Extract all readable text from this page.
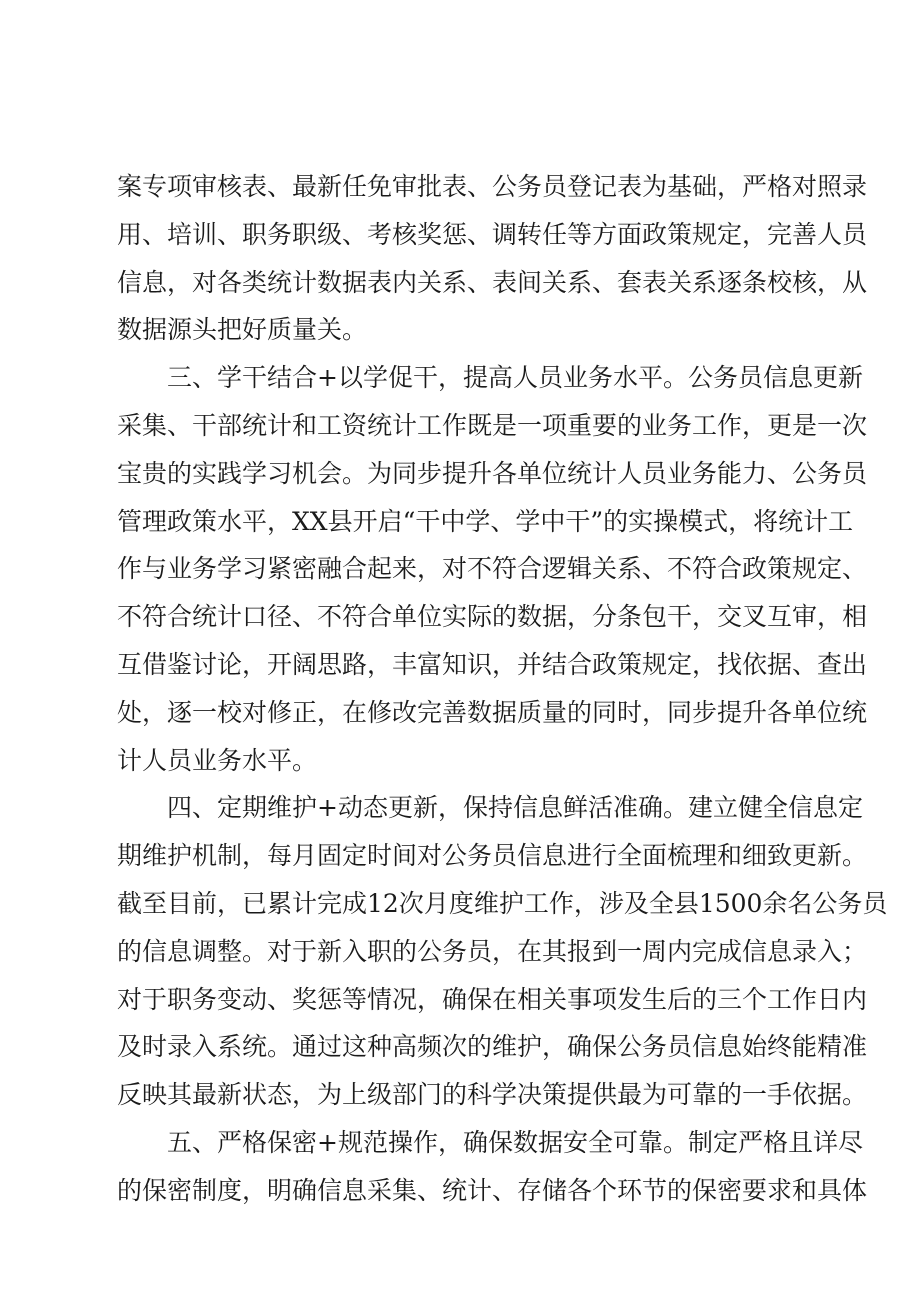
案专项审核表、最新任免审批表、公务员登记表为基础，严格对照录
用、培训、职务职级、考核奖惩、调转任等方面政策规定，完善人员
信息，对各类统计数据表内关系、表间关系、套表关系逐条校核，从
数据源头把好质量关。
三、学干结合+以学促干，提高人员业务水平。公务员信息更新
采集、干部统计和工资统计工作既是一项重要的业务工作，更是一次
宝贵的实践学习机会。为同步提升各单位统计人员业务能力、公务员
管理政策水平，XX县开启“干中学、学中干”的实操模式，将统计工
作与业务学习紧密融合起来，对不符合逻辑关系、不符合政策规定、
不符合统计口径、不符合单位实际的数据，分条包干，交叉互审，相
互借鉴讨论，开阔思路，丰富知识，并结合政策规定，找依据、查出
处，逐一校对修正，在修改完善数据质量的同时，同步提升各单位统
计人员业务水平。
四、定期维护+动态更新，保持信息鲜活准确。建立健全信息定
期维护机制，每月固定时间对公务员信息进行全面梳理和细致更新。
截至目前，已累计完成12次月度维护工作，涉及全县1500余名公务员
的信息调整。对于新入职的公务员，在其报到一周内完成信息录入；
对于职务变动、奖惩等情况，确保在相关事项发生后的三个工作日内
及时录入系统。通过这种高频次的维护，确保公务员信息始终能精准
反映其最新状态，为上级部门的科学决策提供最为可靠的一手依据。
五、严格保密+规范操作，确保数据安全可靠。制定严格且详尽
的保密制度，明确信息采集、统计、存储各个环节的保密要求和具体
